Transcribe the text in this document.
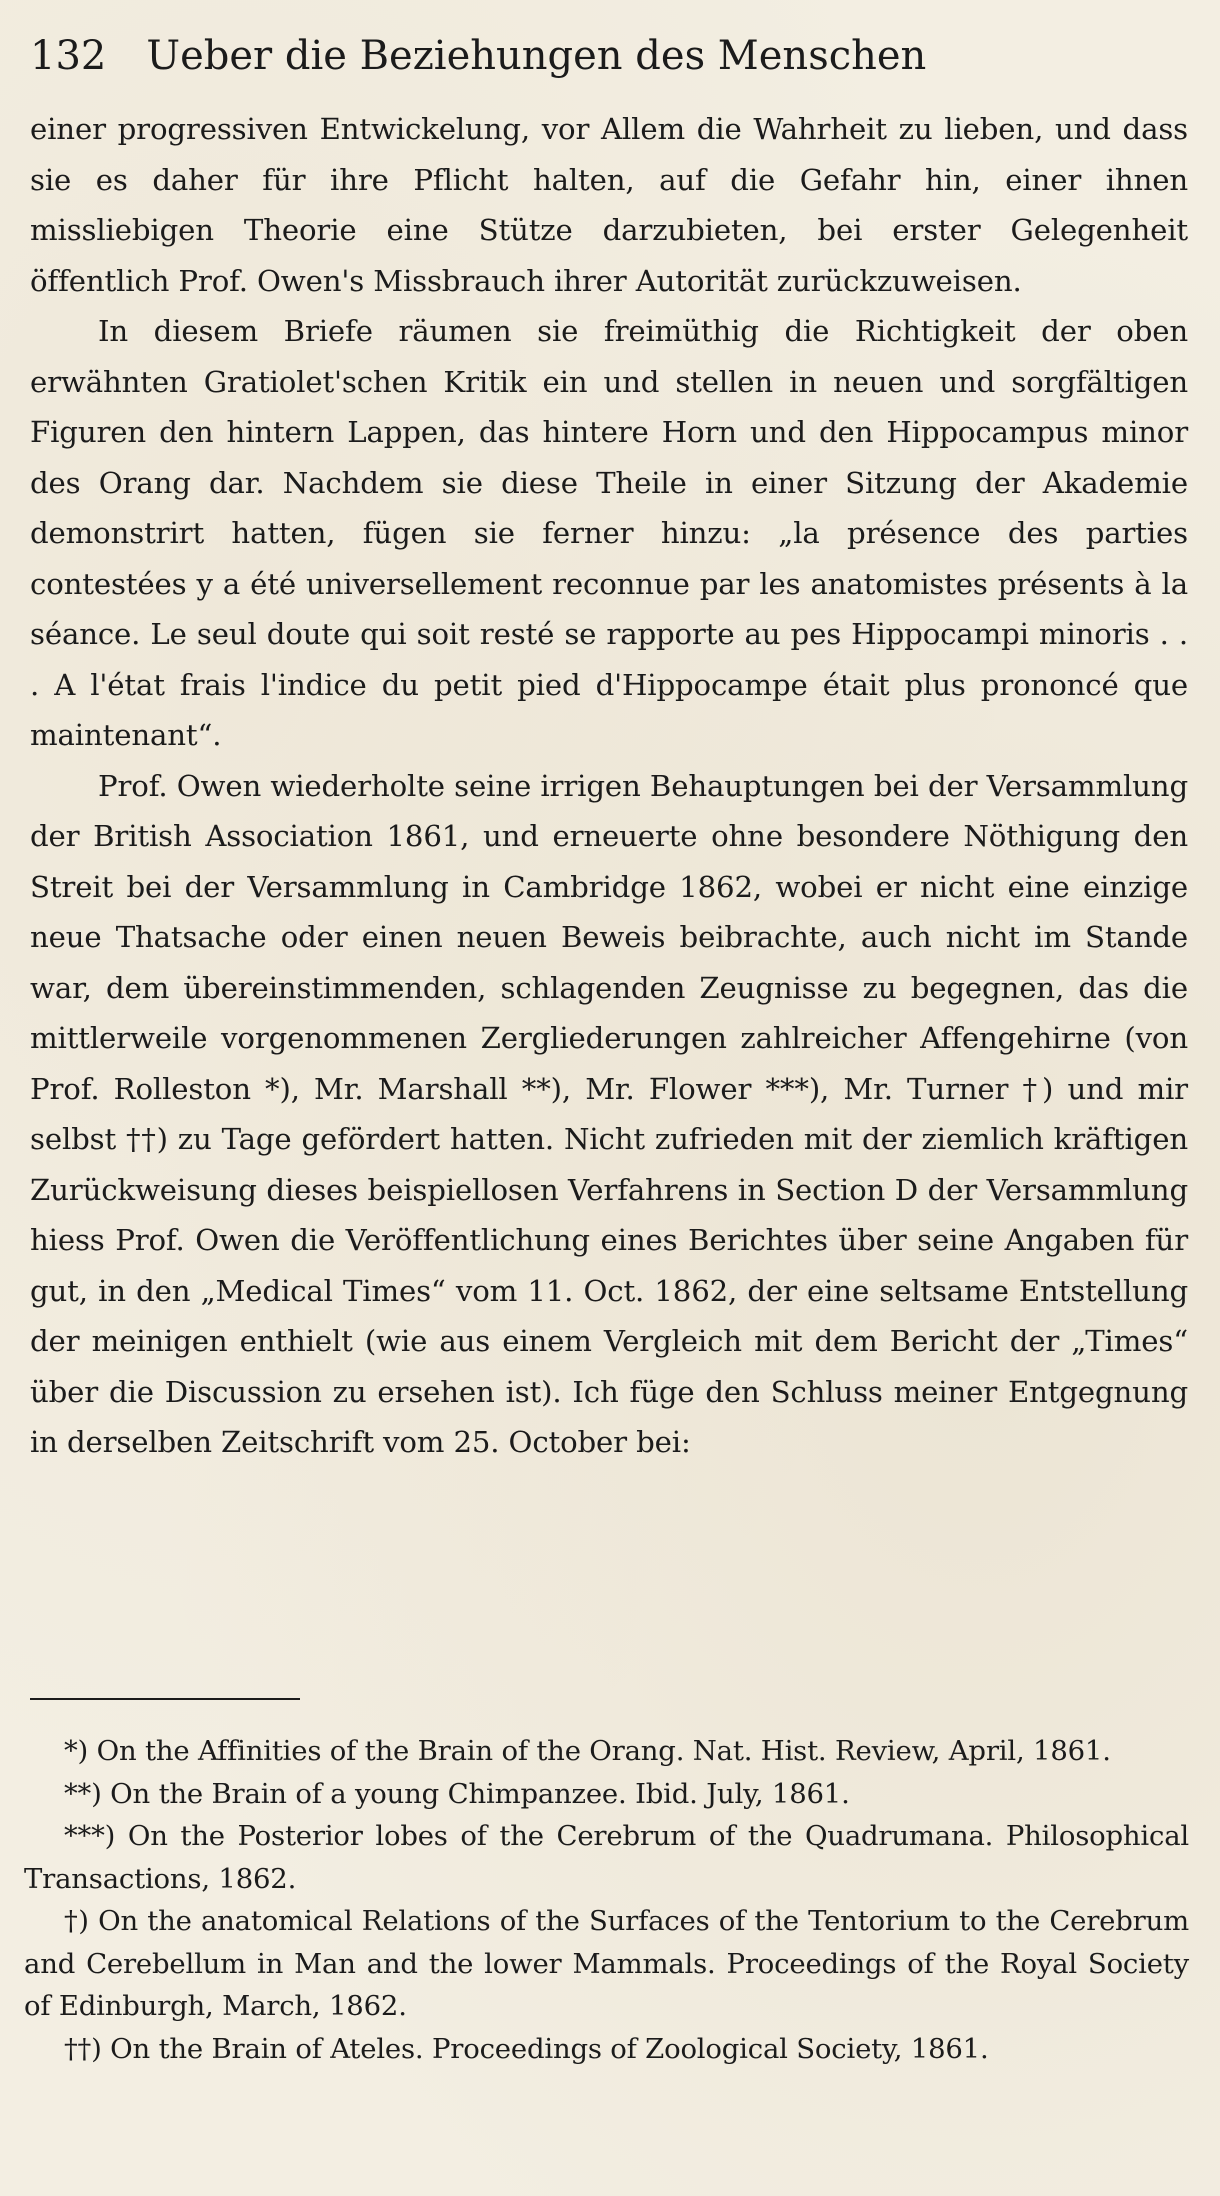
132 Ueber die Beziehungen des Menschen

einer progressiven Entwickelung, vor Allem die Wahrheit zu lieben, und dass sie es daher für ihre Pflicht halten, auf die Gefahr hin, einer ihnen missliebigen Theorie eine Stütze darzubieten, bei erster Gelegenheit öffentlich Prof. Owen's Missbrauch ihrer Autorität zurückzuweisen.

In diesem Briefe räumen sie freimüthig die Richtigkeit der oben erwähnten Gratiolet'schen Kritik ein und stellen in neuen und sorgfältigen Figuren den hintern Lappen, das hintere Horn und den Hippocampus minor des Orang dar. Nachdem sie diese Theile in einer Sitzung der Akademie demonstrirt hatten, fügen sie ferner hinzu: „la présence des parties contestées y a été universellement reconnue par les anatomistes présents à la séance. Le seul doute qui soit resté se rapporte au pes Hippocampi minoris . . . A l'état frais l'indice du petit pied d'Hippocampe était plus prononcé que maintenant“.

Prof. Owen wiederholte seine irrigen Behauptungen bei der Versammlung der British Association 1861, und erneuerte ohne besondere Nöthigung den Streit bei der Versammlung in Cambridge 1862, wobei er nicht eine einzige neue Thatsache oder einen neuen Beweis beibrachte, auch nicht im Stande war, dem übereinstimmenden, schlagenden Zeugnisse zu begegnen, das die mittlerweile vorgenommenen Zergliederungen zahlreicher Affengehirne (von Prof. Rolleston *), Mr. Marshall **), Mr. Flower ***), Mr. Turner †) und mir selbst ††) zu Tage gefördert hatten. Nicht zufrieden mit der ziemlich kräftigen Zurückweisung dieses beispiellosen Verfahrens in Section D der Versammlung hiess Prof. Owen die Veröffentlichung eines Berichtes über seine Angaben für gut, in den „Medical Times“ vom 11. Oct. 1862, der eine seltsame Entstellung der meinigen enthielt (wie aus einem Vergleich mit dem Bericht der „Times“ über die Discussion zu ersehen ist). Ich füge den Schluss meiner Entgegnung in derselben Zeitschrift vom 25. October bei:

*) On the Affinities of the Brain of the Orang. Nat. Hist. Review, April, 1861.

**) On the Brain of a young Chimpanzee. Ibid. July, 1861.

***) On the Posterior lobes of the Cerebrum of the Quadrumana. Philosophical Transactions, 1862.

†) On the anatomical Relations of the Surfaces of the Tentorium to the Cerebrum and Cerebellum in Man and the lower Mammals. Proceedings of the Royal Society of Edinburgh, March, 1862.

††) On the Brain of Ateles. Proceedings of Zoological Society, 1861.
